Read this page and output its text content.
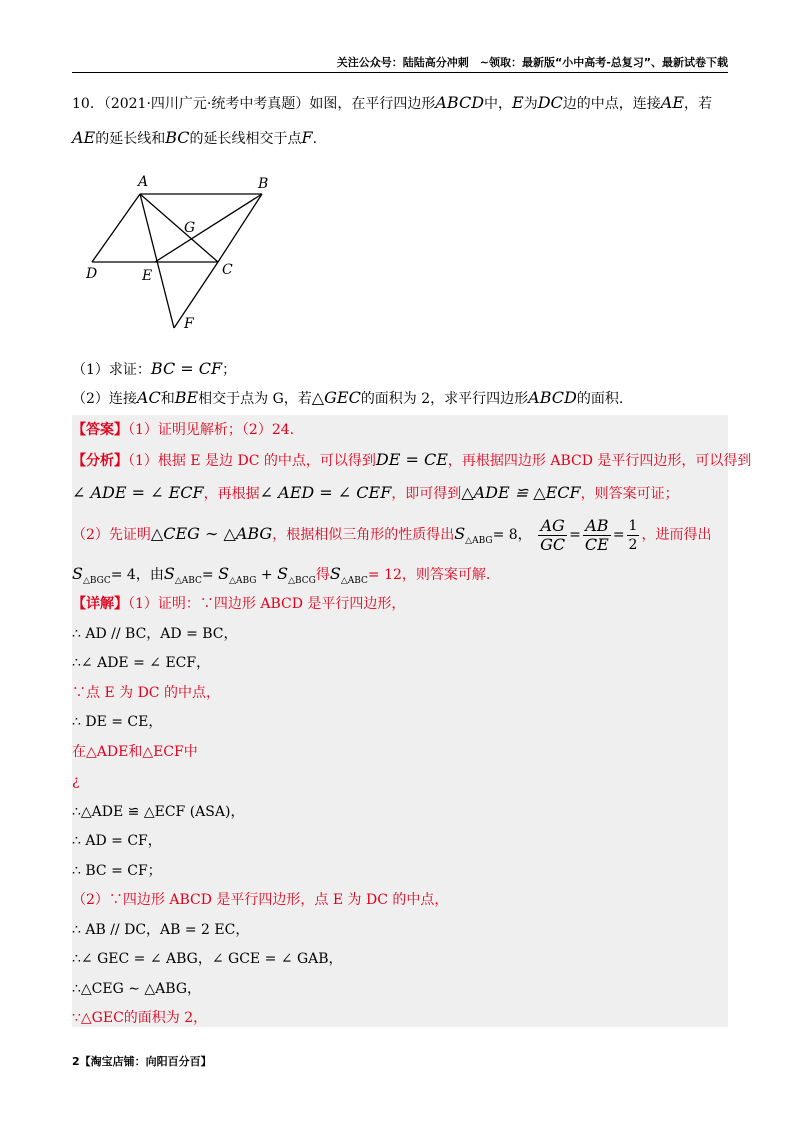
关注公众号：陆陆高分冲刺　~领取：最新版“小中高考-总复习”、最新试卷下载
10．（2021·四川广元·统考中考真题）如图，在平行四边形ABCD中，E为DC边的中点，连接AE，若
AE的延长线和BC的延长线相交于点F.
A	B
C
D	E
F
G
（1）求证：BC = CF；
（2）连接AC和BE相交于点为 G，若△GEC的面积为 2，求平行四边形ABCD的面积.
【答案】（1）证明见解析；（2）24.
【分析】（1）根据 E 是边 DC 的中点，可以得到DE = CE，再根据四边形 ABCD 是平行四边形，可以得到
∠ ADE = ∠ ECF，再根据∠ AED = ∠ CEF，即可得到△ADE ≌ △ECF，则答案可证；
（2）先证明△CEG ∼ △ABG，根据相似三角形的性质得出$S_{\triangle ABG}= 8$， $\frac{AG}{GC} = \frac{AB}{CE} = \frac{1}{2}$ ，进而得出
$S_{\triangle BGC}= 4$，由$S_{\triangle ABC}= S_{\triangle ABG} + S_{\triangle BCG}$得$S_{\triangle ABC}= 12$，则答案可解.
【详解】（1）证明：∵四边形 ABCD 是平行四边形，
∴ AD // BC，AD = BC，
∴∠ ADE = ∠ ECF，
∵点 E 为 DC 的中点，
∴ DE = CE，
在△ADE和△ECF中
¿
∴△ADE ≌ △ECF (ASA)，
∴ AD = CF，
∴ BC = CF；
（2）∵四边形 ABCD 是平行四边形，点 E 为 DC 的中点，
∴ AB // DC，AB = 2 EC，
∴∠ GEC = ∠ ABG，∠ GCE = ∠ GAB，
∴△CEG ∼ △ABG，
∵△GEC的面积为 2，
2【淘宝店铺：向阳百分百】
